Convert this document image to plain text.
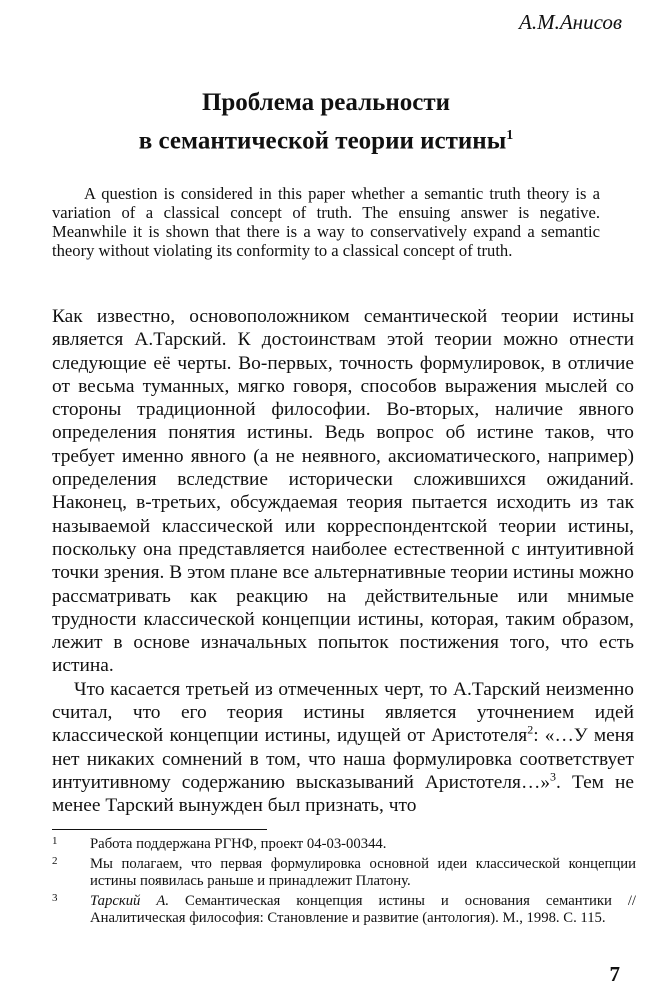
А.М.Анисов
Проблема реальности
в семантической теории истины$^1$

A question is considered in this paper whether a semantic truth theory is a variation of a classical concept of truth. The ensuing answer is negative. Meanwhile it is shown that there is a way to conservatively expand a semantic theory without violating its conformity to a classical concept of truth.

Как известно, основоположником семантической теории истины является А.Тарский. К достоинствам этой теории можно отнести следующие её черты. Во-первых, точность формулировок, в отличие от весьма туманных, мягко говоря, способов выражения мыслей со стороны традиционной философии. Во-вторых, наличие явного определения понятия истины. Ведь вопрос об истине таков, что требует именно явного (а не неявного, аксиоматического, например) определения вследствие исторически сложившихся ожиданий. Наконец, в-третьих, обсуждаемая теория пытается исходить из так называемой классической или корреспондентской теории истины, поскольку она представляется наиболее естественной с интуитивной точки зрения. В этом плане все альтернативные теории истины можно рассматривать как реакцию на действительные или мнимые трудности классической концепции истины, которая, таким образом, лежит в основе изначальных попыток постижения того, что есть истина.

Что касается третьей из отмеченных черт, то А.Тарский неизменно считал, что его теория истины является уточнением идей классической концепции истины, идущей от Аристотеля$^2$: «…У меня нет никаких сомнений в том, что наша формулировка соответствует интуитивному содержанию высказываний Аристотеля…»$^3$. Тем не менее Тарский вынужден был признать, что

1 Работа поддержана РГНФ, проект 04-03-00344.
2 Мы полагаем, что первая формулировка основной идеи классической концепции истины появилась раньше и принадлежит Платону.
3 Тарский А. Семантическая концепция истины и основания семантики // Аналитическая философия: Становление и развитие (антология). М., 1998. С. 115.
7
